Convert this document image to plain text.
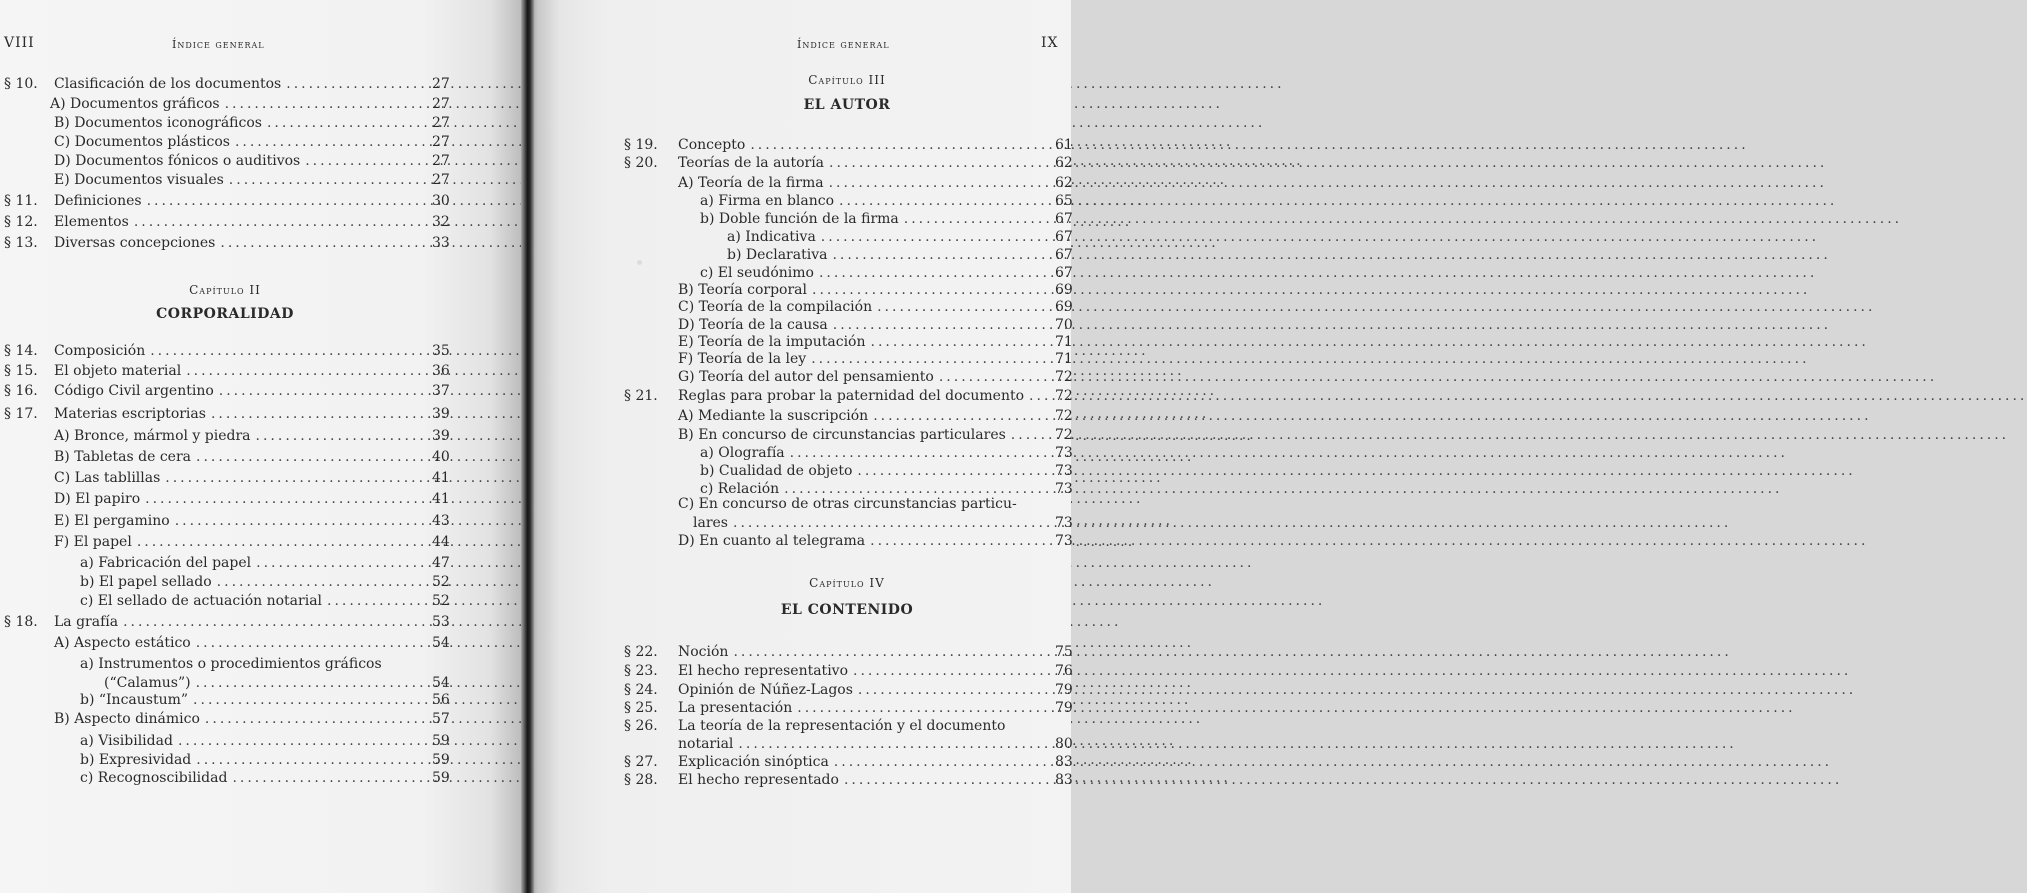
VIII	Índice general
§ 10. Clasificación de los documentos .....	27
A) Documentos gráficos .....	27
B) Documentos iconográficos .....	27
C) Documentos plásticos .....	27
D) Documentos fónicos o auditivos .....	27
E) Documentos visuales .....	27
§ 11. Definiciones .....	30
§ 12. Elementos .....	32
§ 13. Diversas concepciones .....	33
§ 14. Composición .....	35
§ 15. El objeto material .....	36
§ 16. Código Civil argentino .....	37
§ 17. Materias escriptorias .....	39
A) Bronce, mármol y piedra .....	39
B) Tabletas de cera .....	40
C) Las tablillas .....	41
D) El papiro .....	41
E) El pergamino .....	43
F) El papel .....	44
a) Fabricación del papel .....	47
b) El papel sellado .....	52
c) El sellado de actuación notarial .....	52
§ 18. La grafía .....	53
A) Aspecto estático .....	54
a) Instrumentos o procedimientos gráficos
(“Calamus”) .....	54
b) “Incaustum” .....	56
B) Aspecto dinámico .....	57
a) Visibilidad .....	59
b) Expresividad .....	59
c) Recognoscibilidad .....	59
Capítulo II
CORPORALIDAD
Índice general	IX
Capítulo III
EL AUTOR
Capítulo IV
EL CONTENIDO
§ 19. Concepto .....	61
§ 20. Teorías de la autoría .....	62
A) Teoría de la firma .....	62
a) Firma en blanco .....	65
b) Doble función de la firma .....	67
a) Indicativa .....	67
b) Declarativa .....	67
c) El seudónimo .....	67
B) Teoría corporal .....	69
C) Teoría de la compilación .....	69
D) Teoría de la causa .....	70
E) Teoría de la imputación .....	71
F) Teoría de la ley .....	71
G) Teoría del autor del pensamiento .....	72
§ 21. Reglas para probar la paternidad del documento ..... 72
A) Mediante la suscripción .....	72
B) En concurso de circunstancias particulares .....	72
a) Olografía .....	73
b) Cualidad de objeto .....	73
c) Relación .....	73
C) En concurso de otras circunstancias particu-
lares .....	73
D) En cuanto al telegrama .....	73
§ 22. Noción .....	75
§ 23. El hecho representativo .....	76
§ 24. Opinión de Núñez-Lagos .....	79
§ 25. La presentación .....	79
§ 26. La teoría de la representación y el documento
notarial .....	80
§ 27. Explicación sinóptica .....	83
§ 28. El hecho representado .....	83
